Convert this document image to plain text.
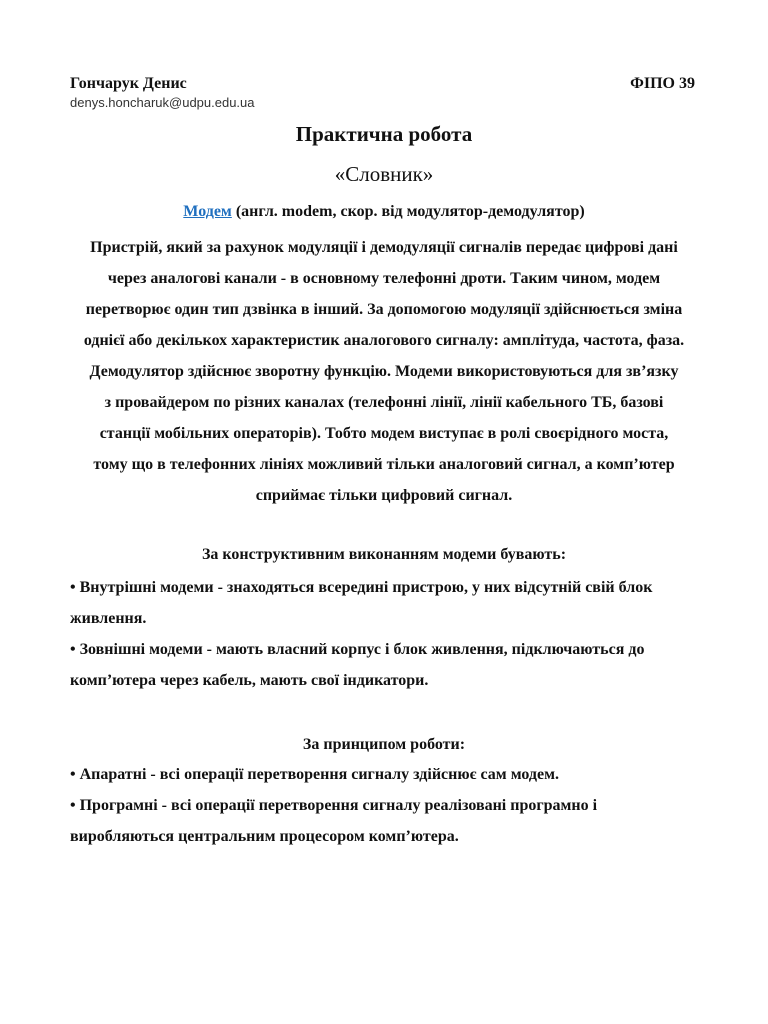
Гончарук Денис	ФІПО 39
denys.honcharuk@udpu.edu.ua
Практична робота
«Словник»
Модем (англ. modem, скор. від модулятор-демодулятор)
Пристрій, який за рахунок модуляції і демодуляції сигналів передає цифрові дані
через аналогові канали - в основному телефонні дроти. Таким чином, модем
перетворює один тип дзвінка в інший. За допомогою модуляції здійснюється зміна
однієї або декількох характеристик аналогового сигналу: амплітуда, частота, фаза.
Демодулятор здійснює зворотну функцію. Модеми використовуються для зв’язку
з провайдером по різних каналах (телефонні лінії, лінії кабельного ТБ, базові
станції мобільних операторів). Тобто модем виступає в ролі своєрідного моста,
тому що в телефонних лініях можливий тільки аналоговий сигнал, а комп’ютер
сприймає тільки цифровий сигнал.
За конструктивним виконанням модеми бувають:
• Внутрішні модеми - знаходяться всередині пристрою, у них відсутній свій блок
живлення.
• Зовнішні модеми - мають власний корпус і блок живлення, підключаються до
комп’ютера через кабель, мають свої індикатори.
За принципом роботи:
• Апаратні - всі операції перетворення сигналу здійснює сам модем.
• Програмні - всі операції перетворення сигналу реалізовані програмно і
виробляються центральним процесором комп’ютера.
